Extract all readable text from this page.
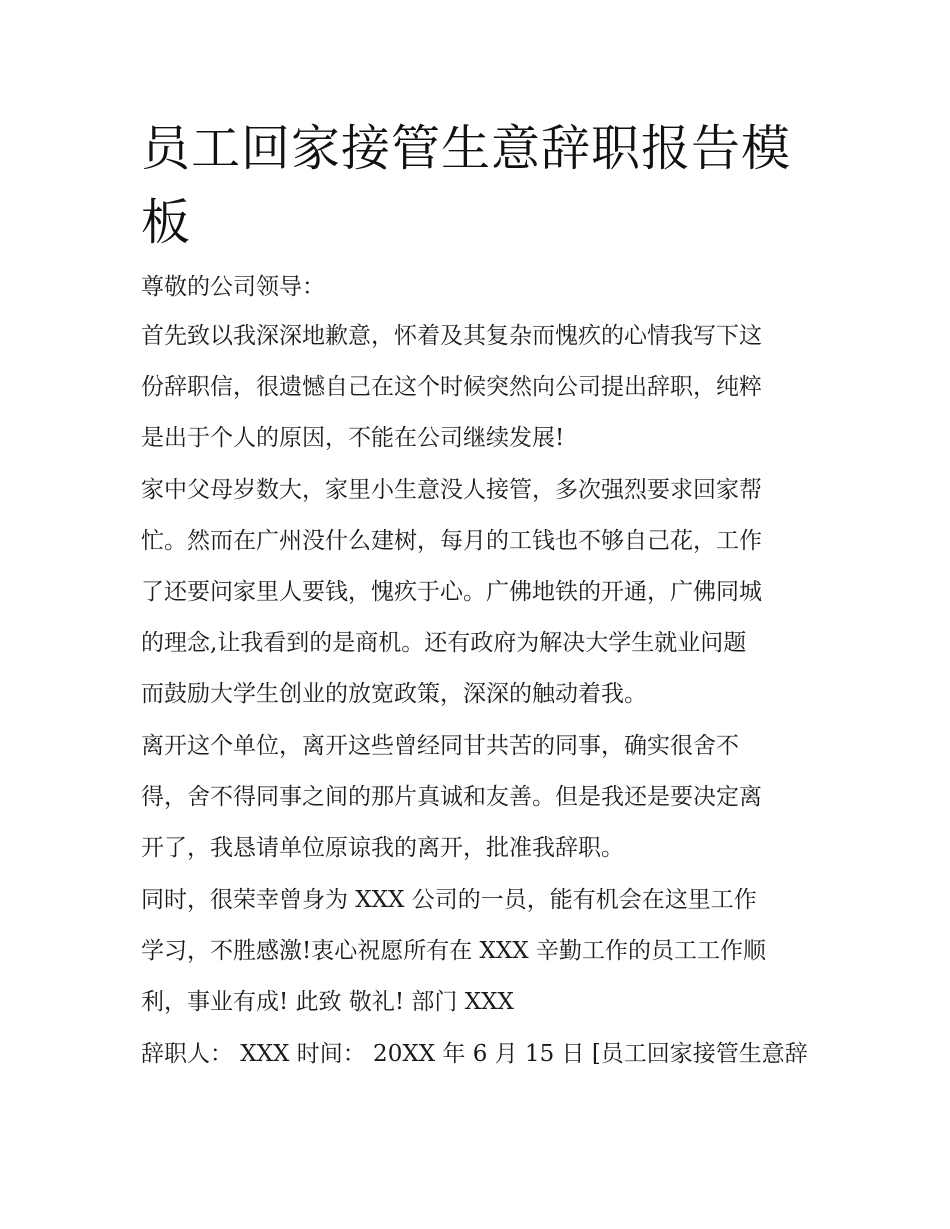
员工回家接管生意辞职报告模板

尊敬的公司领导：

首先致以我深深地歉意，怀着及其复杂而愧疚的心情我写下这
份辞职信，很遗憾自己在这个时候突然向公司提出辞职，纯粹
是出于个人的原因，不能在公司继续发展!

家中父母岁数大，家里小生意没人接管，多次强烈要求回家帮
忙。然而在广州没什么建树，每月的工钱也不够自己花，工作
了还要问家里人要钱，愧疚于心。广佛地铁的开通，广佛同城
的理念,让我看到的是商机。还有政府为解决大学生就业问题
而鼓励大学生创业的放宽政策，深深的触动着我。

离开这个单位，离开这些曾经同甘共苦的同事，确实很舍不
得，舍不得同事之间的那片真诚和友善。但是我还是要决定离
开了，我恳请单位原谅我的离开，批准我辞职。

同时，很荣幸曾身为 XXX 公司的一员，能有机会在这里工作
学习，不胜感激!衷心祝愿所有在 XXX 辛勤工作的员工工作顺
利，事业有成! 此致 敬礼! 部门 XXX

辞职人： XXX 时间： 20XX 年 6 月 15 日 [员工回家接管生意辞
